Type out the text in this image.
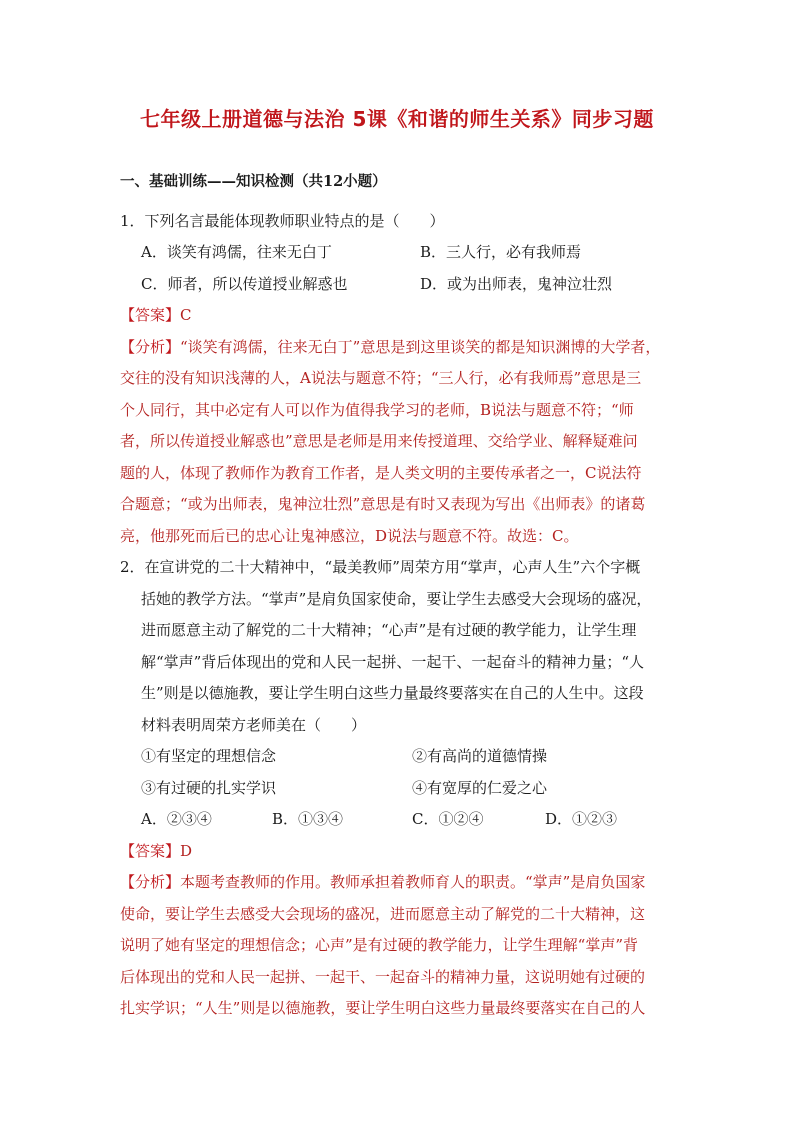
七年级上册道德与法治 5课《和谐的师生关系》同步习题
一、基础训练——知识检测（共12小题）
1．下列名言最能体现教师职业特点的是（　　）
A．谈笑有鸿儒，往来无白丁	B．三人行，必有我师焉
C．师者，所以传道授业解惑也	D．或为出师表，鬼神泣壮烈
【答案】C
【分析】“谈笑有鸿儒，往来无白丁”意思是到这里谈笑的都是知识渊博的大学者，
交往的没有知识浅薄的人，A说法与题意不符；“三人行，必有我师焉”意思是三
个人同行，其中必定有人可以作为值得我学习的老师，B说法与题意不符；“师
者，所以传道授业解惑也”意思是老师是用来传授道理、交给学业、解释疑难问
题的人，体现了教师作为教育工作者，是人类文明的主要传承者之一，C说法符
合题意；“或为出师表，鬼神泣壮烈”意思是有时又表现为写出《出师表》的诸葛
亮，他那死而后已的忠心让鬼神感泣，D说法与题意不符。故选：C。
2．在宣讲党的二十大精神中，“最美教师”周荣方用“掌声，心声人生”六个字概
括她的教学方法。“掌声”是肩负国家使命，要让学生去感受大会现场的盛况，
进而愿意主动了解党的二十大精神；“心声”是有过硬的教学能力，让学生理
解“掌声”背后体现出的党和人民一起拼、一起干、一起奋斗的精神力量；“人
生”则是以德施教，要让学生明白这些力量最终要落实在自己的人生中。这段
材料表明周荣方老师美在（　　）
①有坚定的理想信念	②有高尚的道德情操
③有过硬的扎实学识	④有宽厚的仁爱之心
A．②③④	B．①③④	C．①②④	D．①②③
【答案】D
【分析】本题考查教师的作用。教师承担着教师育人的职责。“掌声”是肩负国家
使命，要让学生去感受大会现场的盛况，进而愿意主动了解党的二十大精神，这
说明了她有坚定的理想信念；心声”是有过硬的教学能力，让学生理解“掌声”背
后体现出的党和人民一起拼、一起干、一起奋斗的精神力量，这说明她有过硬的
扎实学识；“人生”则是以德施教，要让学生明白这些力量最终要落实在自己的人
